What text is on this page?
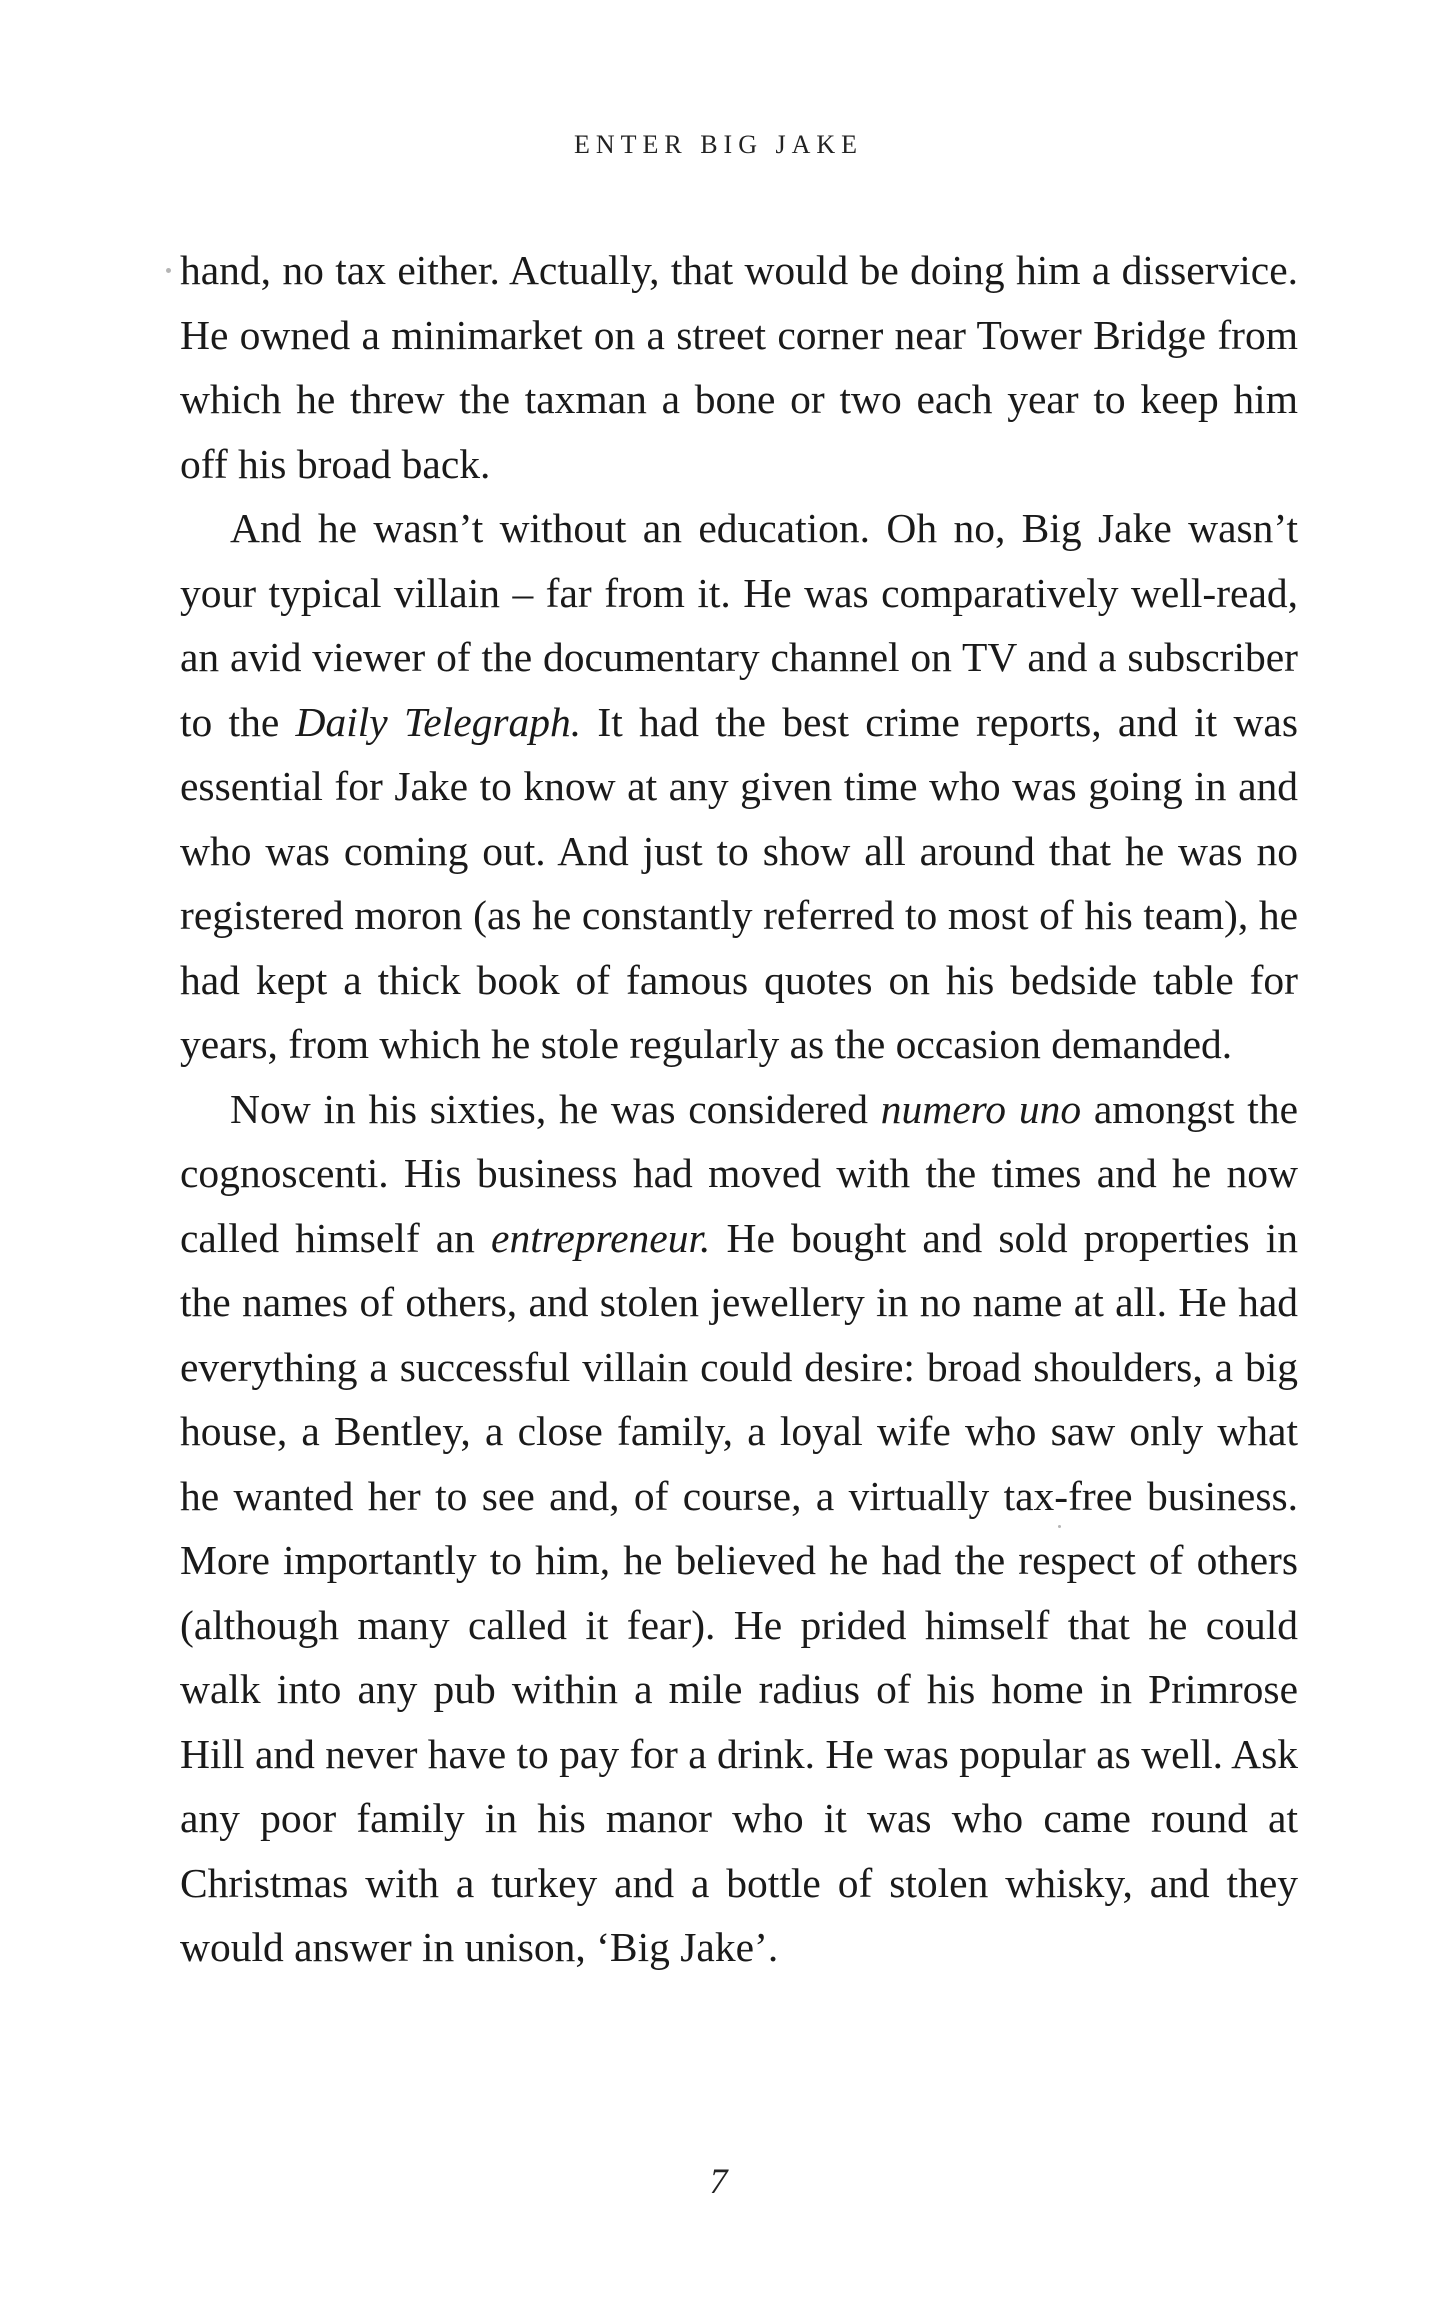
ENTER BIG JAKE

hand, no tax either. Actually, that would be doing him a disservice. He owned a minimarket on a street corner near Tower Bridge from which he threw the taxman a bone or two each year to keep him off his broad back.

And he wasn’t without an education. Oh no, Big Jake wasn’t your typical villain – far from it. He was comparatively well-read, an avid viewer of the documentary channel on TV and a subscriber to the Daily Telegraph. It had the best crime reports, and it was essential for Jake to know at any given time who was going in and who was coming out. And just to show all around that he was no registered moron (as he constantly referred to most of his team), he had kept a thick book of famous quotes on his bedside table for years, from which he stole regularly as the occasion demanded.

Now in his sixties, he was considered numero uno amongst the cognoscenti. His business had moved with the times and he now called himself an entrepreneur. He bought and sold properties in the names of others, and stolen jewellery in no name at all. He had everything a successful villain could desire: broad shoulders, a big house, a Bentley, a close family, a loyal wife who saw only what he wanted her to see and, of course, a virtually tax-free business. More importantly to him, he believed he had the respect of others (although many called it fear). He prided himself that he could walk into any pub within a mile radius of his home in Primrose Hill and never have to pay for a drink. He was popular as well. Ask any poor family in his manor who it was who came round at Christmas with a turkey and a bottle of stolen whisky, and they would answer in unison, ‘Big Jake’.

7
